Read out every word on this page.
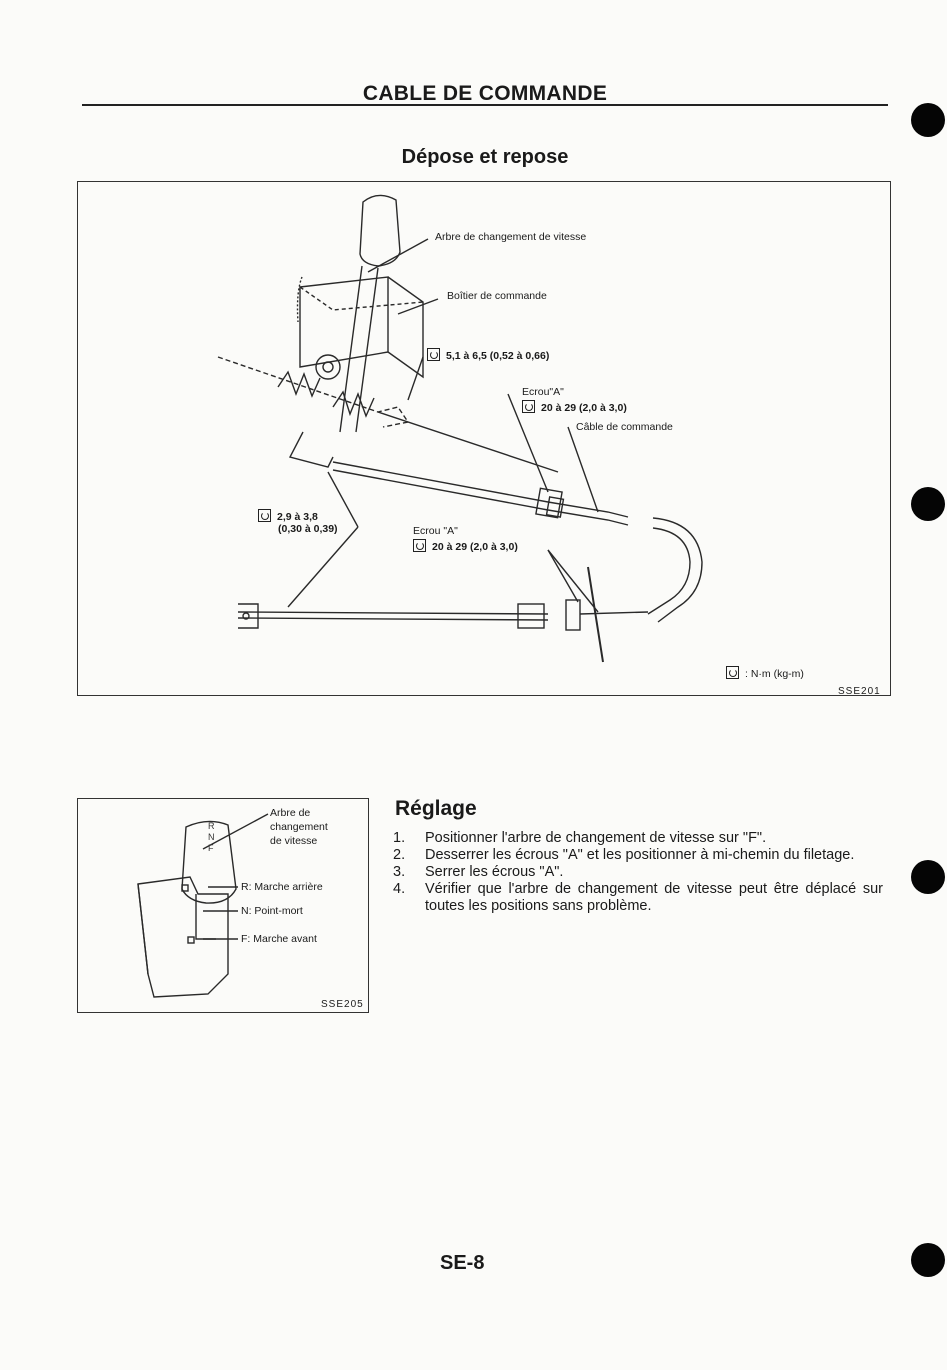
CABLE DE COMMANDE
Dépose et repose
Arbre de changement de vitesse
Boîtier de commande
5,1 à 6,5 (0,52 à 0,66)
Ecrou"A"
20 à 29 (2,0 à 3,0)
Câble de commande
2,9 à 3,8
(0,30 à 0,39)	Ecrou "A"
20 à 29 (2,0 à 3,0)
: N·m (kg-m)
SSE201
R
N
F
Arbre de
changement
de vitesse
R: Marche arrière
N: Point-mort
F: Marche avant
SSE205
Réglage
1.	Positionner l'arbre de changement de vitesse sur "F".
2.	Desserrer les écrous "A" et les positionner à mi-chemin du filetage.
3.	Serrer les écrous "A".
4.	Vérifier que l'arbre de changement de vitesse peut être déplacé sur toutes les positions sans problème.
SE-8
